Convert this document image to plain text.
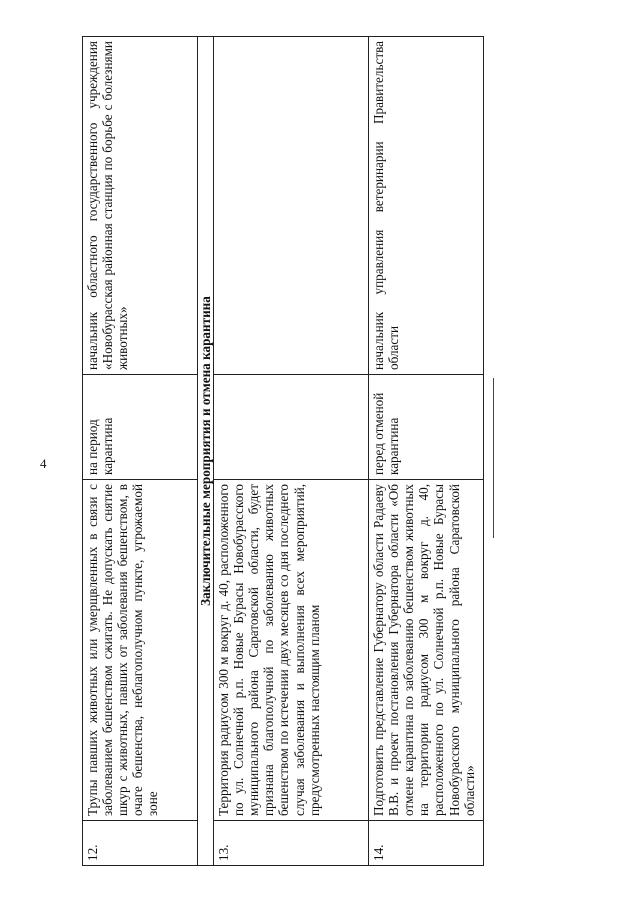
4
12.	Трупы павших животных или умерщвленных в связи с заболеванием бешенством сжигать. Не допускать снятие шкур с животных, павших от заболевания бешенством, в очаге бешенства, неблагополучном пункте, угрожаемой зоне	на период карантина	начальник областного государственного учреждения «Новобурасская районная станция по борьбе с болезнями животных»
Заключительные мероприятия и отмена карантина			
13.	Территория радиусом 300 м вокруг д. 40, расположенного по ул. Солнечной р.п. Новые Бурасы Новобурасского муниципального района Саратовской области, будет признана благополучной по заболеванию животных бешенством по истечении двух месяцев со дня последнего случая заболевания и выполнения всех мероприятий, предусмотренных настоящим планом		
14.	Подготовить представление Губернатору области Радаеву В.В. и проект постановления Губернатора области «Об отмене карантина по заболеванию бешенством животных на территории радиусом 300 м вокруг д. 40, расположенного по ул. Солнечной р.п. Новые Бурасы Новобурасского муниципального района Саратовской области»	перед отменой карантина	начальник управления ветеринарии Правительства области
